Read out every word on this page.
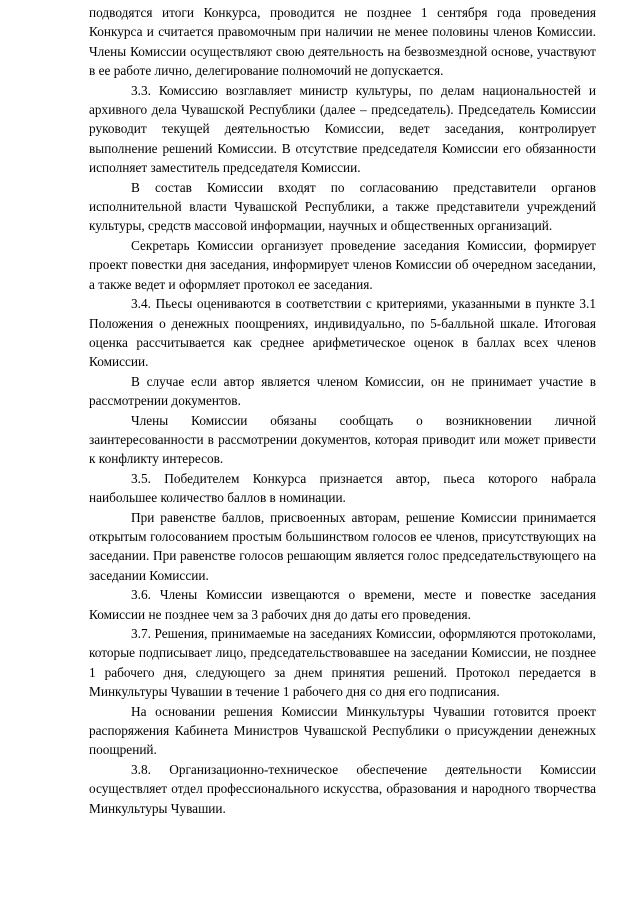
подводятся итоги Конкурса, проводится не позднее 1 сентября года проведения Конкурса и считается правомочным при наличии не менее половины членов Комиссии. Члены Комиссии осуществляют свою деятельность на безвозмездной основе, участвуют в ее работе лично, делегирование полномочий не допускается.

3.3. Комиссию возглавляет министр культуры, по делам национальностей и архивного дела Чувашской Республики (далее – председатель). Председатель Комиссии руководит текущей деятельностью Комиссии, ведет заседания, контролирует выполнение решений Комиссии. В отсутствие председателя Комиссии его обязанности исполняет заместитель председателя Комиссии.

В состав Комиссии входят по согласованию представители органов исполнительной власти Чувашской Республики, а также представители учреждений культуры, средств массовой информации, научных и общественных организаций.

Секретарь Комиссии организует проведение заседания Комиссии, формирует проект повестки дня заседания, информирует членов Комиссии об очередном заседании, а также ведет и оформляет протокол ее заседания.

3.4. Пьесы оцениваются в соответствии с критериями, указанными в пункте 3.1 Положения о денежных поощрениях, индивидуально, по 5-балльной шкале. Итоговая оценка рассчитывается как среднее арифметическое оценок в баллах всех членов Комиссии.

В случае если автор является членом Комиссии, он не принимает участие в рассмотрении документов.

Члены Комиссии обязаны сообщать о возникновении личной заинтересованности в рассмотрении документов, которая приводит или может привести к конфликту интересов.

3.5. Победителем Конкурса признается автор, пьеса которого набрала наибольшее количество баллов в номинации.

При равенстве баллов, присвоенных авторам, решение Комиссии принимается открытым голосованием простым большинством голосов ее членов, присутствующих на заседании. При равенстве голосов решающим является голос председательствующего на заседании Комиссии.

3.6. Члены Комиссии извещаются о времени, месте и повестке заседания Комиссии не позднее чем за 3 рабочих дня до даты его проведения.

3.7. Решения, принимаемые на заседаниях Комиссии, оформляются протоколами, которые подписывает лицо, председательствовавшее на заседании Комиссии, не позднее 1 рабочего дня, следующего за днем принятия решений. Протокол передается в Минкультуры Чувашии в течение 1 рабочего дня со дня его подписания.

На основании решения Комиссии Минкультуры Чувашии готовится проект распоряжения Кабинета Министров Чувашской Республики о присуждении денежных поощрений.

3.8. Организационно-техническое обеспечение деятельности Комиссии осуществляет отдел профессионального искусства, образования и народного творчества Минкультуры Чувашии.
